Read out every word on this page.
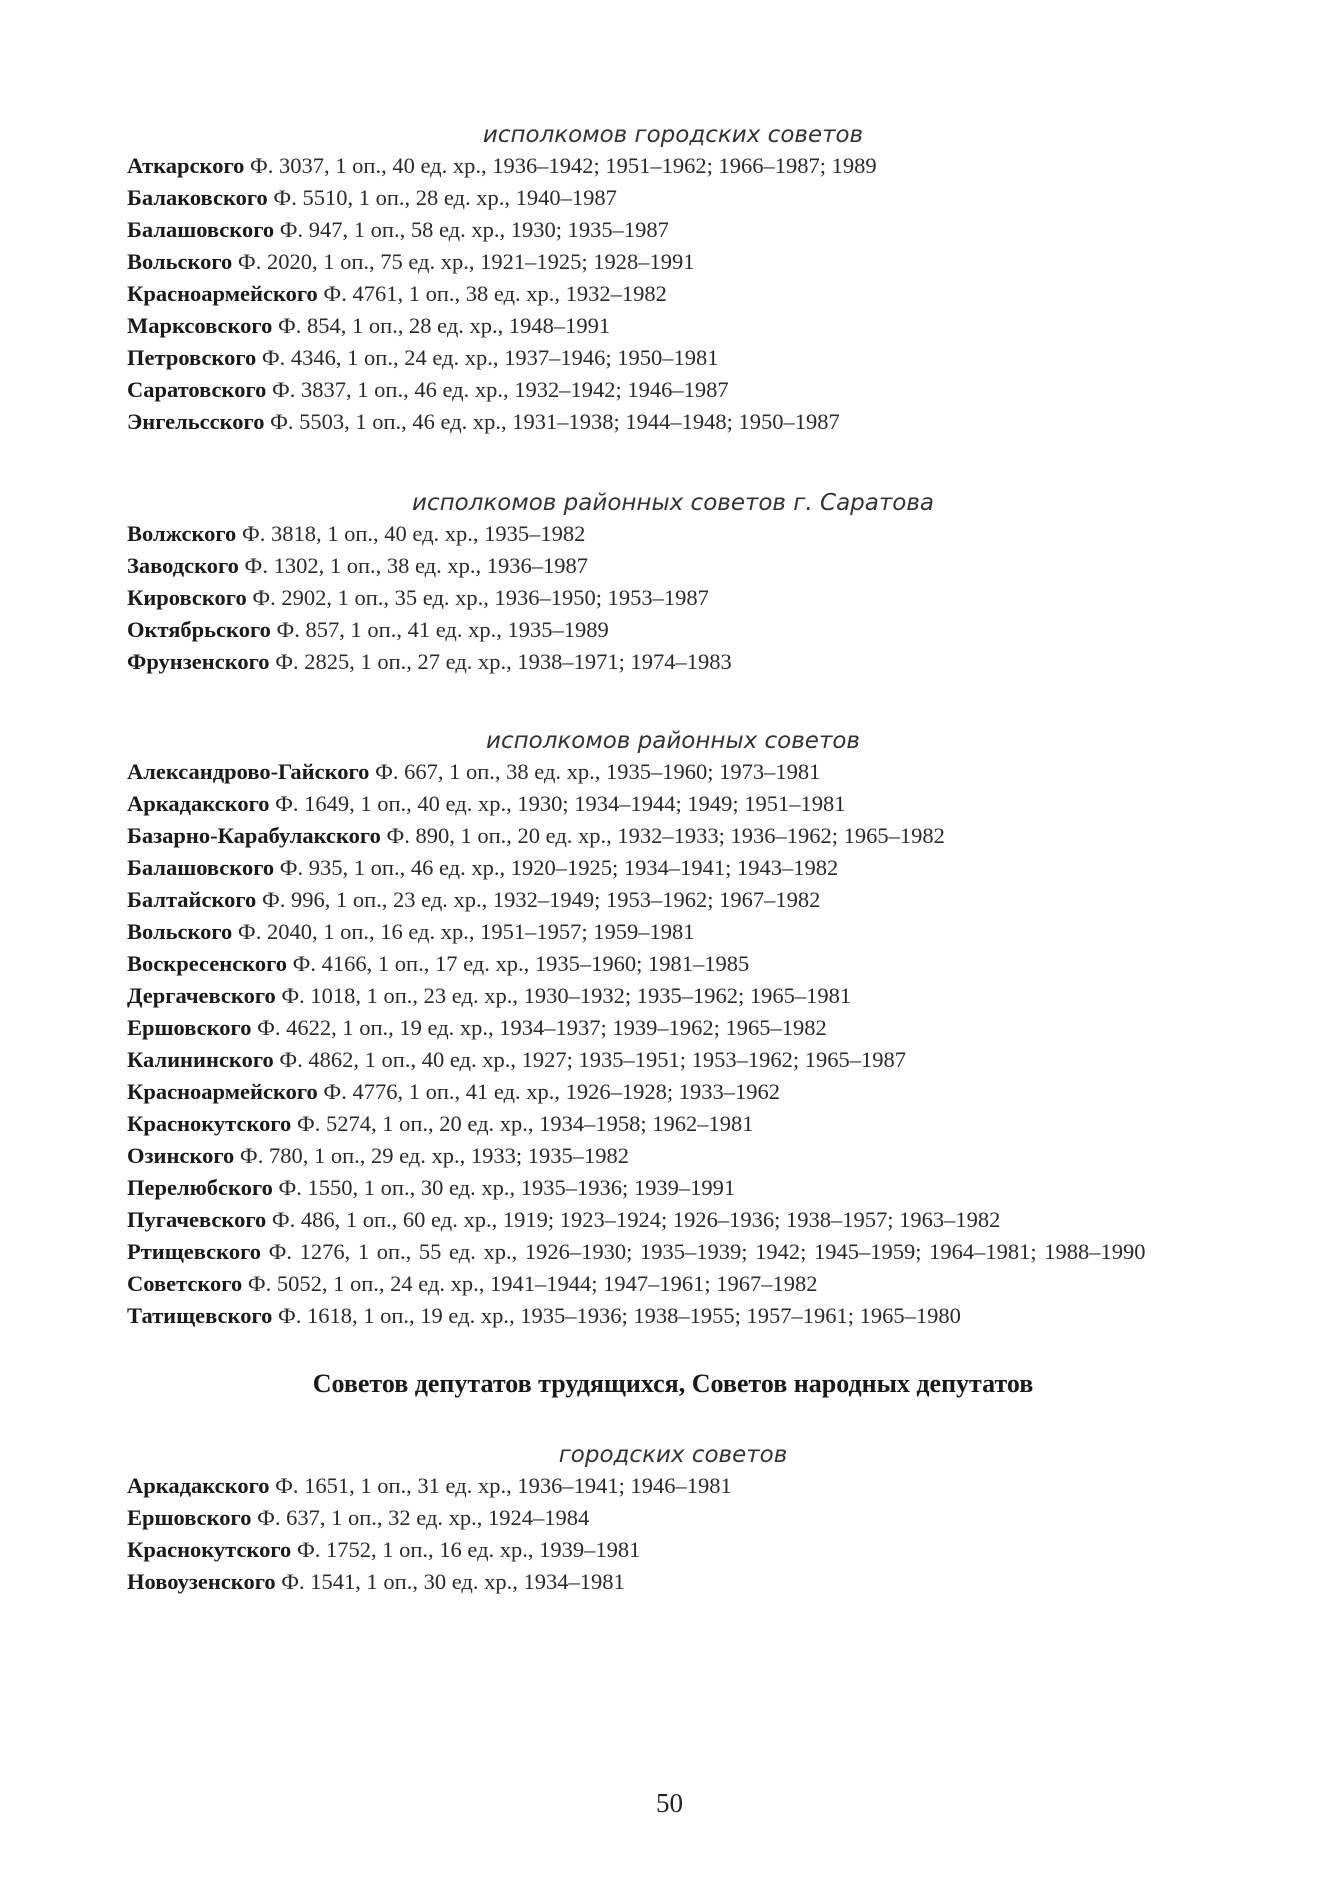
исполкомов городских советов

Аткарского Ф. 3037, 1 оп., 40 ед. хр., 1936–1942; 1951–1962; 1966–1987; 1989

Балаковского Ф. 5510, 1 оп., 28 ед. хр., 1940–1987

Балашовского Ф. 947, 1 оп., 58 ед. хр., 1930; 1935–1987

Вольского Ф. 2020, 1 оп., 75 ед. хр., 1921–1925; 1928–1991

Красноармейского Ф. 4761, 1 оп., 38 ед. хр., 1932–1982

Марксовского Ф. 854, 1 оп., 28 ед. хр., 1948–1991

Петровского Ф. 4346, 1 оп., 24 ед. хр., 1937–1946; 1950–1981

Саратовского Ф. 3837, 1 оп., 46 ед. хр., 1932–1942; 1946–1987

Энгельсского Ф. 5503, 1 оп., 46 ед. хр., 1931–1938; 1944–1948; 1950–1987

исполкомов районных советов г. Саратова

Волжского Ф. 3818, 1 оп., 40 ед. хр., 1935–1982

Заводского Ф. 1302, 1 оп., 38 ед. хр., 1936–1987

Кировского Ф. 2902, 1 оп., 35 ед. хр., 1936–1950; 1953–1987

Октябрьского Ф. 857, 1 оп., 41 ед. хр., 1935–1989

Фрунзенского Ф. 2825, 1 оп., 27 ед. хр., 1938–1971; 1974–1983

исполкомов районных советов

Александрово-Гайского Ф. 667, 1 оп., 38 ед. хр., 1935–1960; 1973–1981

Аркадакского Ф. 1649, 1 оп., 40 ед. хр., 1930; 1934–1944; 1949; 1951–1981

Базарно-Карабулакского Ф. 890, 1 оп., 20 ед. хр., 1932–1933; 1936–1962; 1965–1982

Балашовского Ф. 935, 1 оп., 46 ед. хр., 1920–1925; 1934–1941; 1943–1982

Балтайского Ф. 996, 1 оп., 23 ед. хр., 1932–1949; 1953–1962; 1967–1982

Вольского Ф. 2040, 1 оп., 16 ед. хр., 1951–1957; 1959–1981

Воскресенского Ф. 4166, 1 оп., 17 ед. хр., 1935–1960; 1981–1985

Дергачевского Ф. 1018, 1 оп., 23 ед. хр., 1930–1932; 1935–1962; 1965–1981

Ершовского Ф. 4622, 1 оп., 19 ед. хр., 1934–1937; 1939–1962; 1965–1982

Калининского Ф. 4862, 1 оп., 40 ед. хр., 1927; 1935–1951; 1953–1962; 1965–1987

Красноармейского Ф. 4776, 1 оп., 41 ед. хр., 1926–1928; 1933–1962

Краснокутского Ф. 5274, 1 оп., 20 ед. хр., 1934–1958; 1962–1981

Озинского Ф. 780, 1 оп., 29 ед. хр., 1933; 1935–1982

Перелюбского Ф. 1550, 1 оп., 30 ед. хр., 1935–1936; 1939–1991

Пугачевского Ф. 486, 1 оп., 60 ед. хр., 1919; 1923–1924; 1926–1936; 1938–1957; 1963–1982

Ртищевского Ф. 1276, 1 оп., 55 ед. хр., 1926–1930; 1935–1939; 1942; 1945–1959; 1964–1981; 1988–1990

Советского Ф. 5052, 1 оп., 24 ед. хр., 1941–1944; 1947–1961; 1967–1982

Татищевского Ф. 1618, 1 оп., 19 ед. хр., 1935–1936; 1938–1955; 1957–1961; 1965–1980

Советов депутатов трудящихся, Советов народных депутатов

городских советов

Аркадакского Ф. 1651, 1 оп., 31 ед. хр., 1936–1941; 1946–1981

Ершовского Ф. 637, 1 оп., 32 ед. хр., 1924–1984

Краснокутского Ф. 1752, 1 оп., 16 ед. хр., 1939–1981

Новоузенского Ф. 1541, 1 оп., 30 ед. хр., 1934–1981

50
